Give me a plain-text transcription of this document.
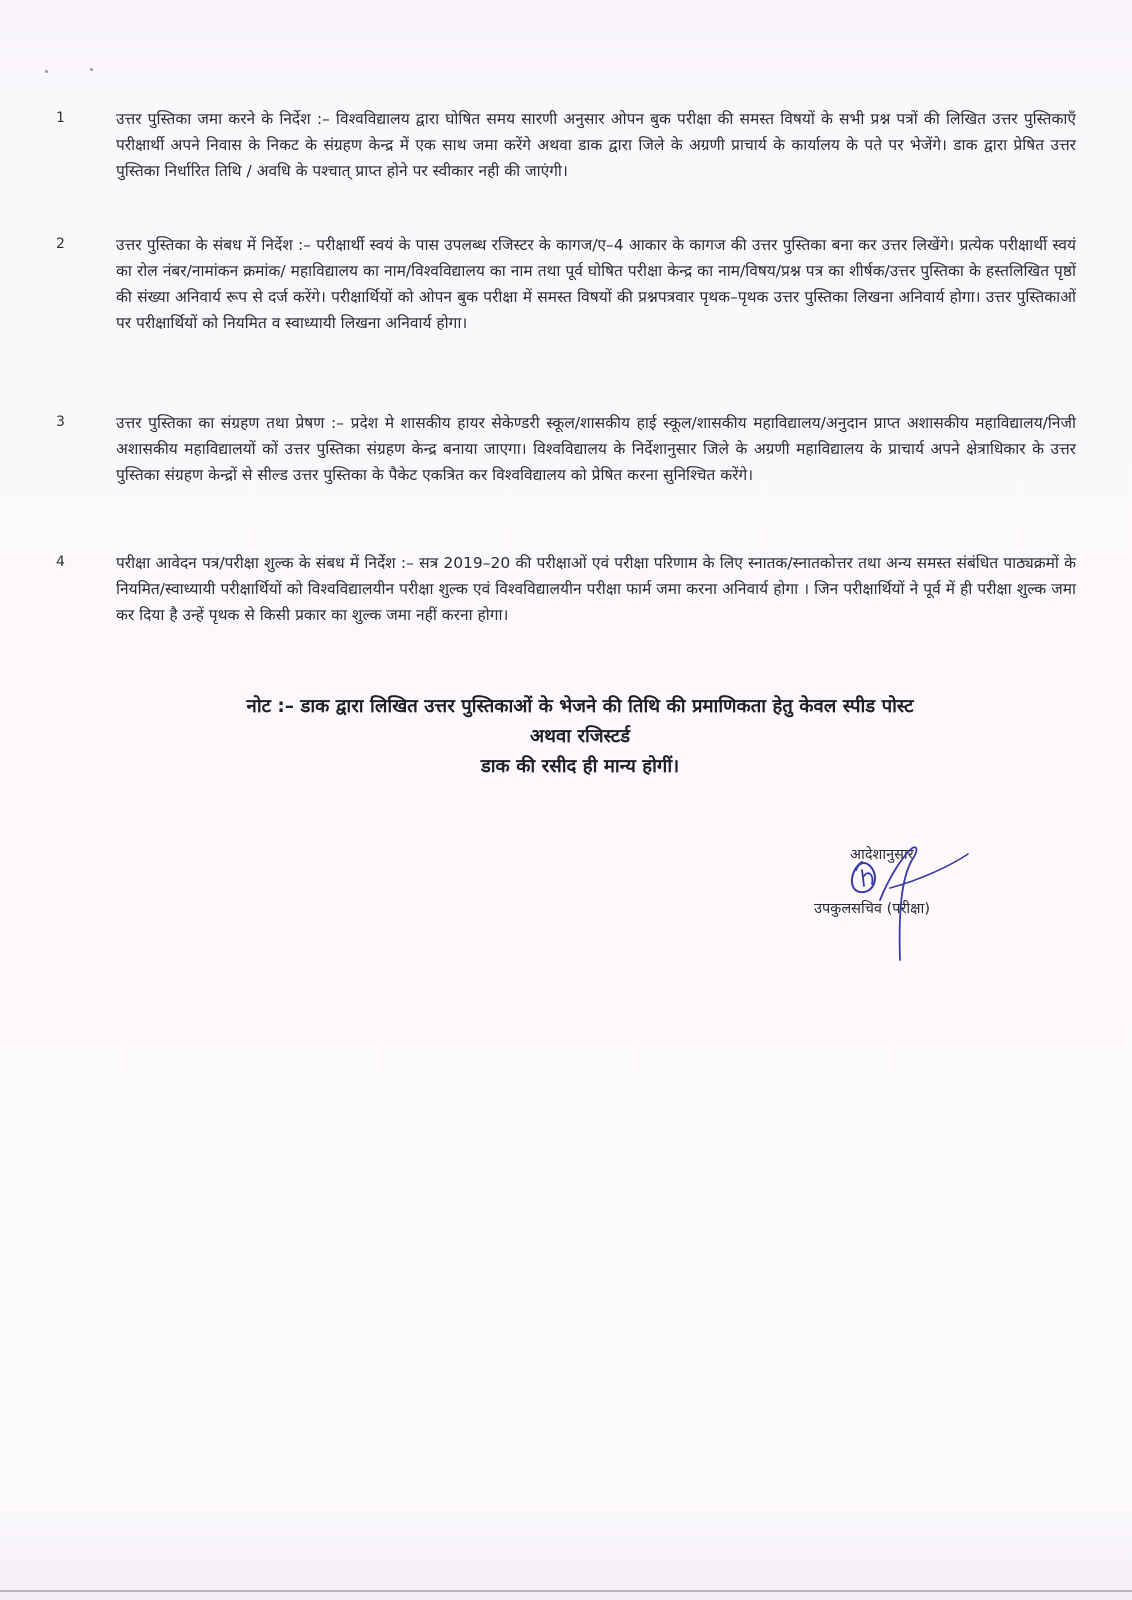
1	उत्तर पुस्तिका जमा करने के निर्देश :– विश्वविद्यालय द्वारा घोषित समय सारणी अनुसार ओपन बुक परीक्षा की समस्त विषयों के सभी प्रश्न पत्रों की लिखित उत्तर पुस्तिकाएँ परीक्षार्थी अपने निवास के निकट के संग्रहण केन्द्र में एक साथ जमा करेंगे अथवा डाक द्वारा जिले के अग्रणी प्राचार्य के कार्यालय के पते पर भेजेंगे। डाक द्वारा प्रेषित उत्तर पुस्तिका निर्धारित तिथि / अवधि के पश्चात् प्राप्त होने पर स्वीकार नही की जाएंगी।
2	उत्तर पुस्तिका के संबध में निर्देश :– परीक्षार्थी स्वयं के पास उपलब्ध रजिस्टर के कागज/ए–4 आकार के कागज की उत्तर पुस्तिका बना कर उत्तर लिखेंगे। प्रत्येक परीक्षार्थी स्वयं का रोल नंबर/नामांकन क्रमांक/ महाविद्यालय का नाम/विश्वविद्यालय का नाम तथा पूर्व घोषित परीक्षा केन्द्र का नाम/विषय/प्रश्न पत्र का शीर्षक/उत्तर पुस्तिका के हस्तलिखित पृष्ठों की संख्या अनिवार्य रूप से दर्ज करेंगे। परीक्षार्थियों को ओपन बुक परीक्षा में समस्त विषयों की प्रश्नपत्रवार पृथक–पृथक उत्तर पुस्तिका लिखना अनिवार्य होगा। उत्तर पुस्तिकाओं पर परीक्षार्थियों को नियमित व स्वाध्यायी लिखना अनिवार्य होगा।
3	उत्तर पुस्तिका का संग्रहण तथा प्रेषण :– प्रदेश मे शासकीय हायर सेकेण्डरी स्कूल/शासकीय हाई स्कूल/शासकीय महाविद्यालय/अनुदान प्राप्त अशासकीय महाविद्यालय/निजी अशासकीय महाविद्यालयों कों उत्तर पुस्तिका संग्रहण केन्द्र बनाया जाएगा। विश्वविद्यालय के निर्देशानुसार जिले के अग्रणी महाविद्यालय के प्राचार्य अपने क्षेत्राधिकार के उत्तर पुस्तिका संग्रहण केन्द्रों से सील्ड उत्तर पुस्तिका के पैकेट एकत्रित कर विश्वविद्यालय को प्रेषित करना सुनिश्चित करेंगे।
4	परीक्षा आवेदन पत्र/परीक्षा शुल्क के संबध में निर्देश :– सत्र 2019–20 की परीक्षाओं एवं परीक्षा परिणाम के लिए स्नातक/स्नातकोत्तर तथा अन्य समस्त संबंधित पाठ्यक्रमों के नियमित/स्वाध्यायी परीक्षार्थियों को विश्वविद्यालयीन परीक्षा शुल्क एवं विश्वविद्यालयीन परीक्षा फार्म जमा करना अनिवार्य होगा । जिन परीक्षार्थियों ने पूर्व में ही परीक्षा शुल्क जमा कर दिया है उन्हें पृथक से किसी प्रकार का शुल्क जमा नहीं करना होगा।
नोट :– डाक द्वारा लिखित उत्तर पुस्तिकाओं के भेजने की तिथि की प्रमाणिकता हेतु केवल स्पीड पोस्ट
अथवा रजिस्टर्ड
डाक की रसीद ही मान्य होगीं।
आदेशानुसार
उपकुलसचिव (परीक्षा)
